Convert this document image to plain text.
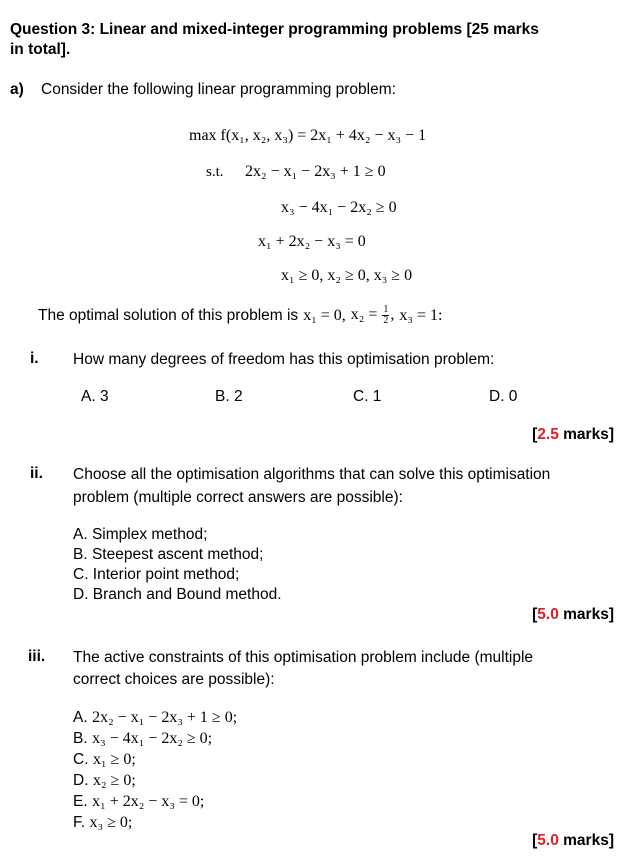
Question 3: Linear and mixed-integer programming problems [25 marks
in total].
a) Consider the following linear programming problem:
max f(x₁, x₂, x₃) = 2x₁ + 4x₂ − x₃ − 1
s.t. 2x₂ − x₁ − 2x₃ + 1 ≥ 0
x₃ − 4x₁ − 2x₂ ≥ 0
x₁ + 2x₂ − x₃ = 0
x₁ ≥ 0, x₂ ≥ 0, x₃ ≥ 0
The optimal solution of this problem is x₁ = 0, $x_2 = \frac{1}{2}$ , x₃ = 1:
i. How many degrees of freedom has this optimisation problem:
A. 3	B. 2	C. 1	D. 0
[2.5 marks]
ii. Choose all the optimisation algorithms that can solve this optimisation
problem (multiple correct answers are possible):
A. Simplex method;
B. Steepest ascent method;
C. Interior point method;
D. Branch and Bound method.
[5.0 marks]
iii. The active constraints of this optimisation problem include (multiple
correct choices are possible):
A. 2x₂ − x₁ − 2x₃ + 1 ≥ 0;
B. x₃ − 4x₁ − 2x₂ ≥ 0;
C. x₁ ≥ 0;
D. x₂ ≥ 0;
E. x₁ + 2x₂ − x₃ = 0;
F. x₃ ≥ 0;
[5.0 marks]
